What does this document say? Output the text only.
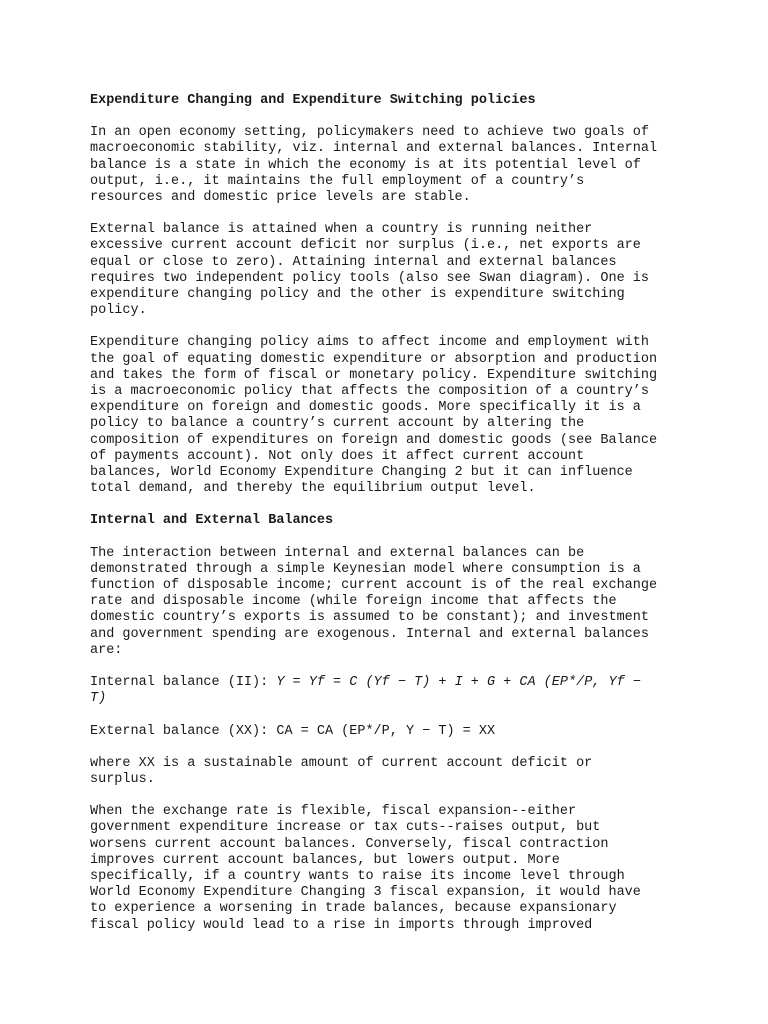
Expenditure Changing and Expenditure Switching policies
In an open economy setting, policymakers need to achieve two goals of
macroeconomic stability, viz. internal and external balances. Internal
balance is a state in which the economy is at its potential level of
output, i.e., it maintains the full employment of a country’s
resources and domestic price levels are stable.
External balance is attained when a country is running neither
excessive current account deficit nor surplus (i.e., net exports are
equal or close to zero). Attaining internal and external balances
requires two independent policy tools (also see Swan diagram). One is
expenditure changing policy and the other is expenditure switching
policy.
Expenditure changing policy aims to affect income and employment with
the goal of equating domestic expenditure or absorption and production
and takes the form of fiscal or monetary policy. Expenditure switching
is a macroeconomic policy that affects the composition of a country’s
expenditure on foreign and domestic goods. More specifically it is a
policy to balance a country’s current account by altering the
composition of expenditures on foreign and domestic goods (see Balance
of payments account). Not only does it affect current account
balances, World Economy Expenditure Changing 2 but it can influence
total demand, and thereby the equilibrium output level.
Internal and External Balances
The interaction between internal and external balances can be
demonstrated through a simple Keynesian model where consumption is a
function of disposable income; current account is of the real exchange
rate and disposable income (while foreign income that affects the
domestic country’s exports is assumed to be constant); and investment
and government spending are exogenous. Internal and external balances
are:
Internal balance (II): Y = Yf = C (Yf − T) + I + G + CA (EP*/P, Yf −
T)
External balance (XX): CA = CA (EP*/P, Y − T) = XX
where XX is a sustainable amount of current account deficit or
surplus.
When the exchange rate is flexible, fiscal expansion--either
government expenditure increase or tax cuts--raises output, but
worsens current account balances. Conversely, fiscal contraction
improves current account balances, but lowers output. More
specifically, if a country wants to raise its income level through
World Economy Expenditure Changing 3 fiscal expansion, it would have
to experience a worsening in trade balances, because expansionary
fiscal policy would lead to a rise in imports through improved
